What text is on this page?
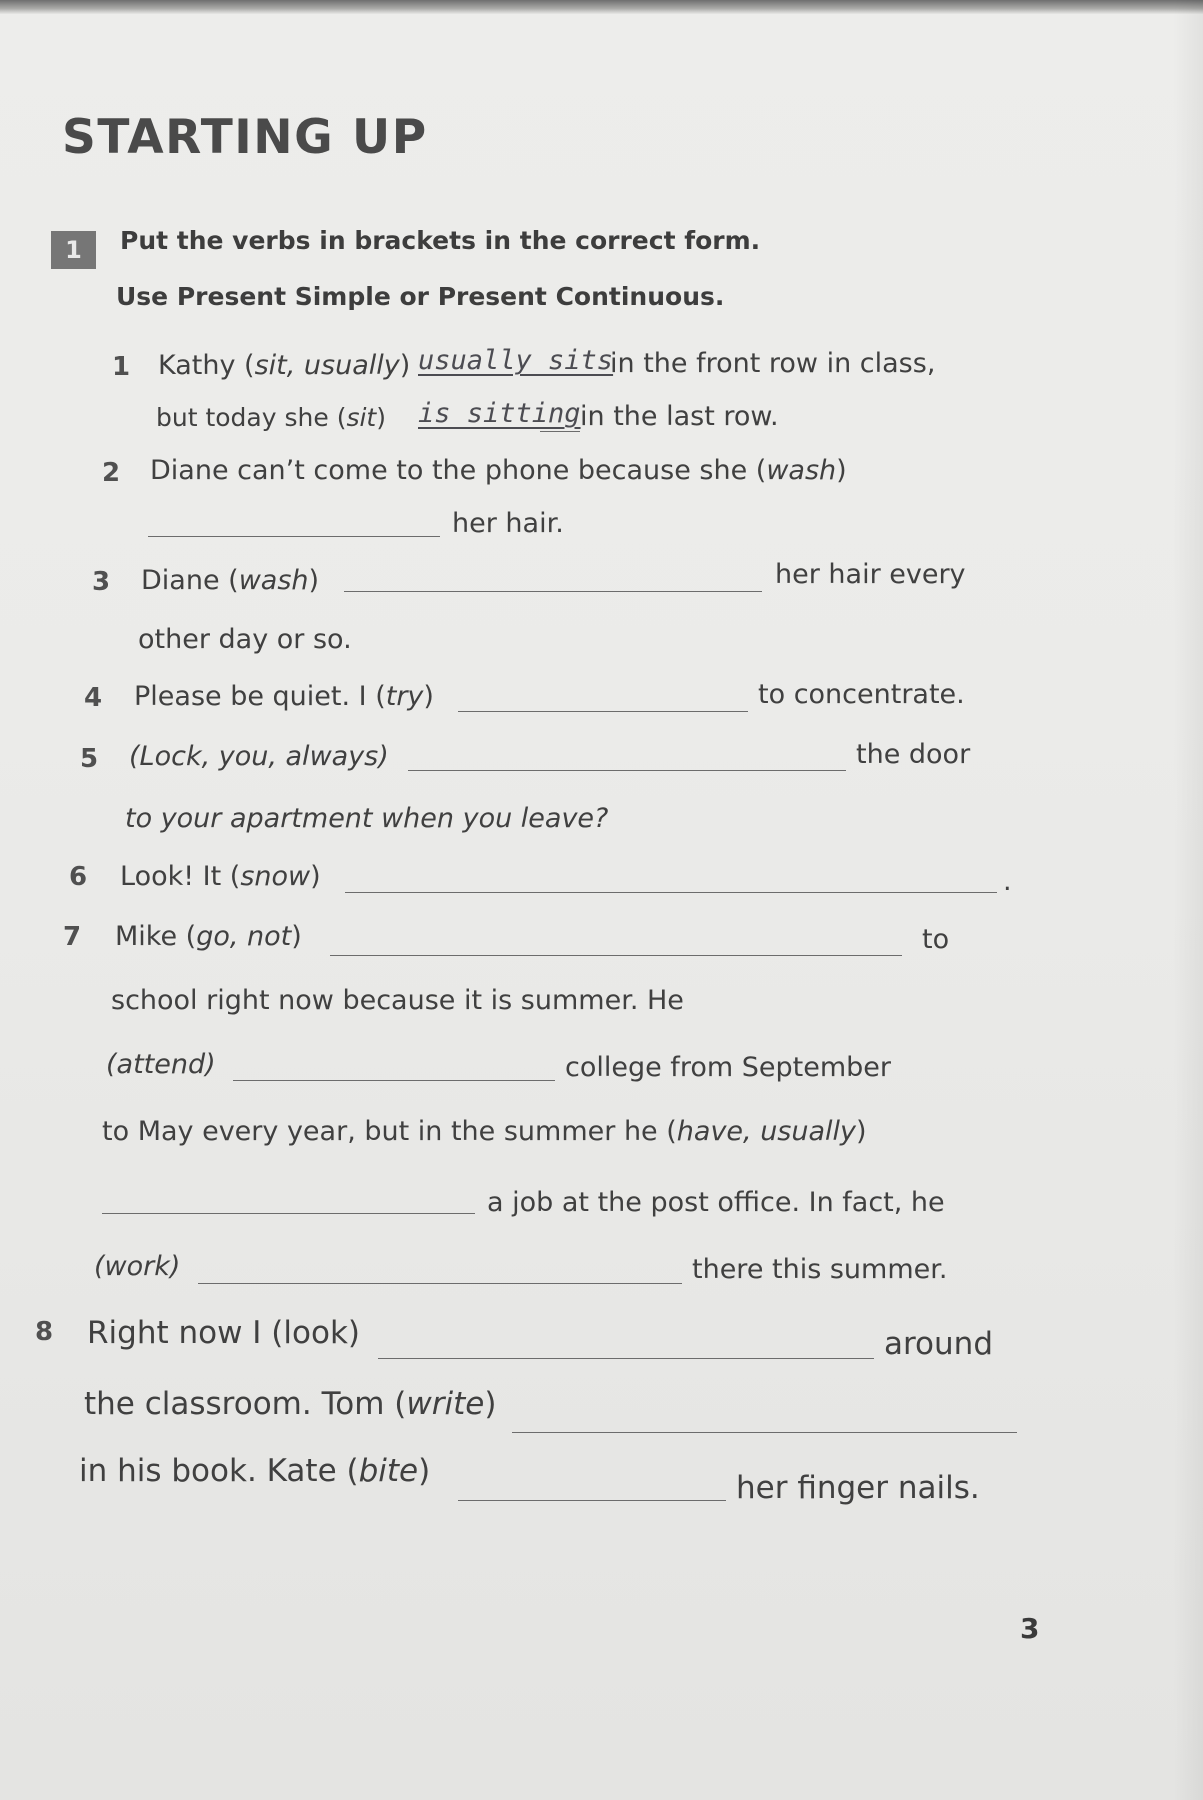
STARTING UP
1	Put the verbs in brackets in the correct form.
Use Present Simple or Present Continuous.
1 Kathy (sit, usually) usually sits
in the front row in class,
but today she (sit) is sitting in the last row.
2 Diane can’t come to the phone because she (wash)
her hair.
3 Diane (wash)	her hair every
other day or so.
4 Please be quiet. I (try)	to concentrate.
5 (Lock, you, always)	the door
to your apartment when you leave?
6 Look! It (snow)	.
7 Mike (go, not)	to
school right now because it is summer. He
(attend)	college from September
to May every year, but in the summer he (have, usually)
a job at the post office. In fact, he
(work)	there this summer.
8 Right now I (look)	around
the classroom. Tom (write)
in his book. Kate (bite)	her finger nails.
3
